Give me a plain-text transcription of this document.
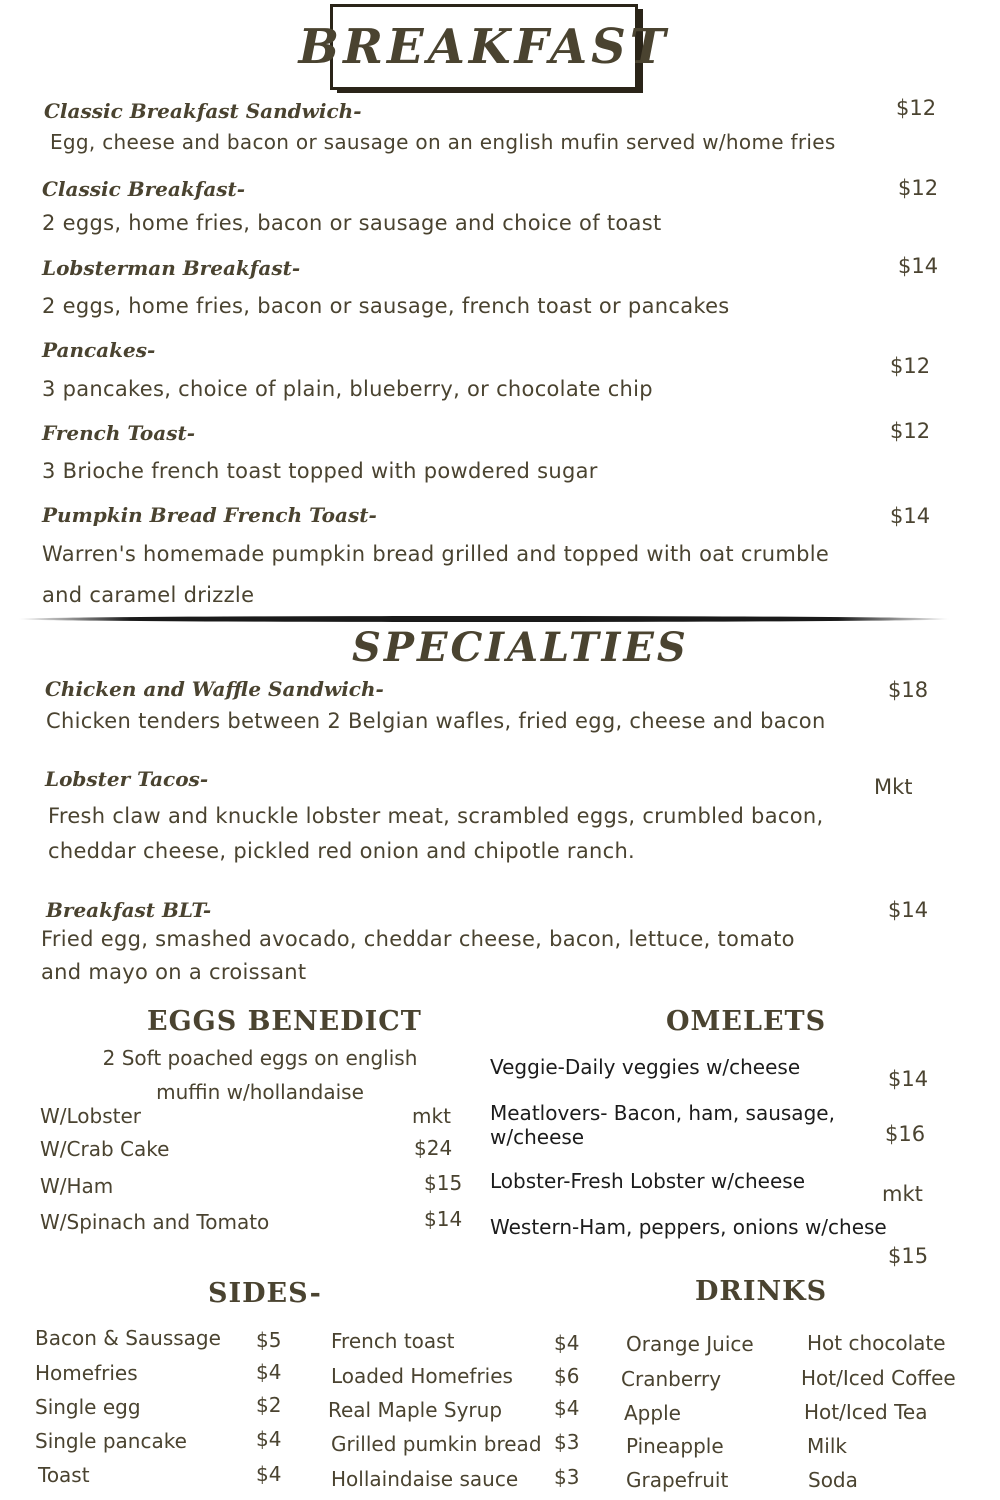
BREAKFAST
Classic Breakfast Sandwich-	$12
Egg, cheese and bacon or sausage on an english mufin served w/home fries
Classic Breakfast-	$12
2 eggs, home fries, bacon or sausage and choice of toast
Lobsterman Breakfast-	$14
2 eggs, home fries, bacon or sausage, french toast or pancakes
Pancakes-
$12
3 pancakes, choice of plain, blueberry, or chocolate chip
French Toast-	$12
3 Brioche french toast topped with powdered sugar
Pumpkin Bread French Toast-	$14
Warren's homemade pumpkin bread grilled and topped with oat crumble
and caramel drizzle
SPECIALTIES
Chicken and Waffle Sandwich-	$18
Chicken tenders between 2 Belgian wafles, fried egg, cheese and bacon
Lobster Tacos-	Mkt
Fresh claw and knuckle lobster meat, scrambled eggs, crumbled bacon,
cheddar cheese, pickled red onion and chipotle ranch.
Breakfast BLT-	$14
Fried egg, smashed avocado, cheddar cheese, bacon, lettuce, tomato
and mayo on a croissant
EGGS BENEDICT
2 Soft poached eggs on english
muffin w/hollandaise
W/Lobster	mkt
W/Crab Cake	$24
W/Ham	$15
W/Spinach and Tomato	$14
OMELETS
Veggie-Daily veggies w/cheese	$14
Meatlovers- Bacon, ham, sausage,
w/cheese	$16
Lobster-Fresh Lobster w/cheese
mkt
Western-Ham, peppers, onions w/chese
$15
SIDES-
Bacon & Saussage $5
Homefries	$4
Single egg	$2
Single pancake	$4
Toast	$4
French toast	$4
Loaded Homefries $6
Real Maple Syrup	$4
Grilled pumkin bread $3
Hollaindaise sauce $3
DRINKS
Orange Juice
Cranberry
Apple
Pineapple
Grapefruit
Hot chocolate
Hot/Iced Coffee
Hot/Iced Tea
Milk
Soda
